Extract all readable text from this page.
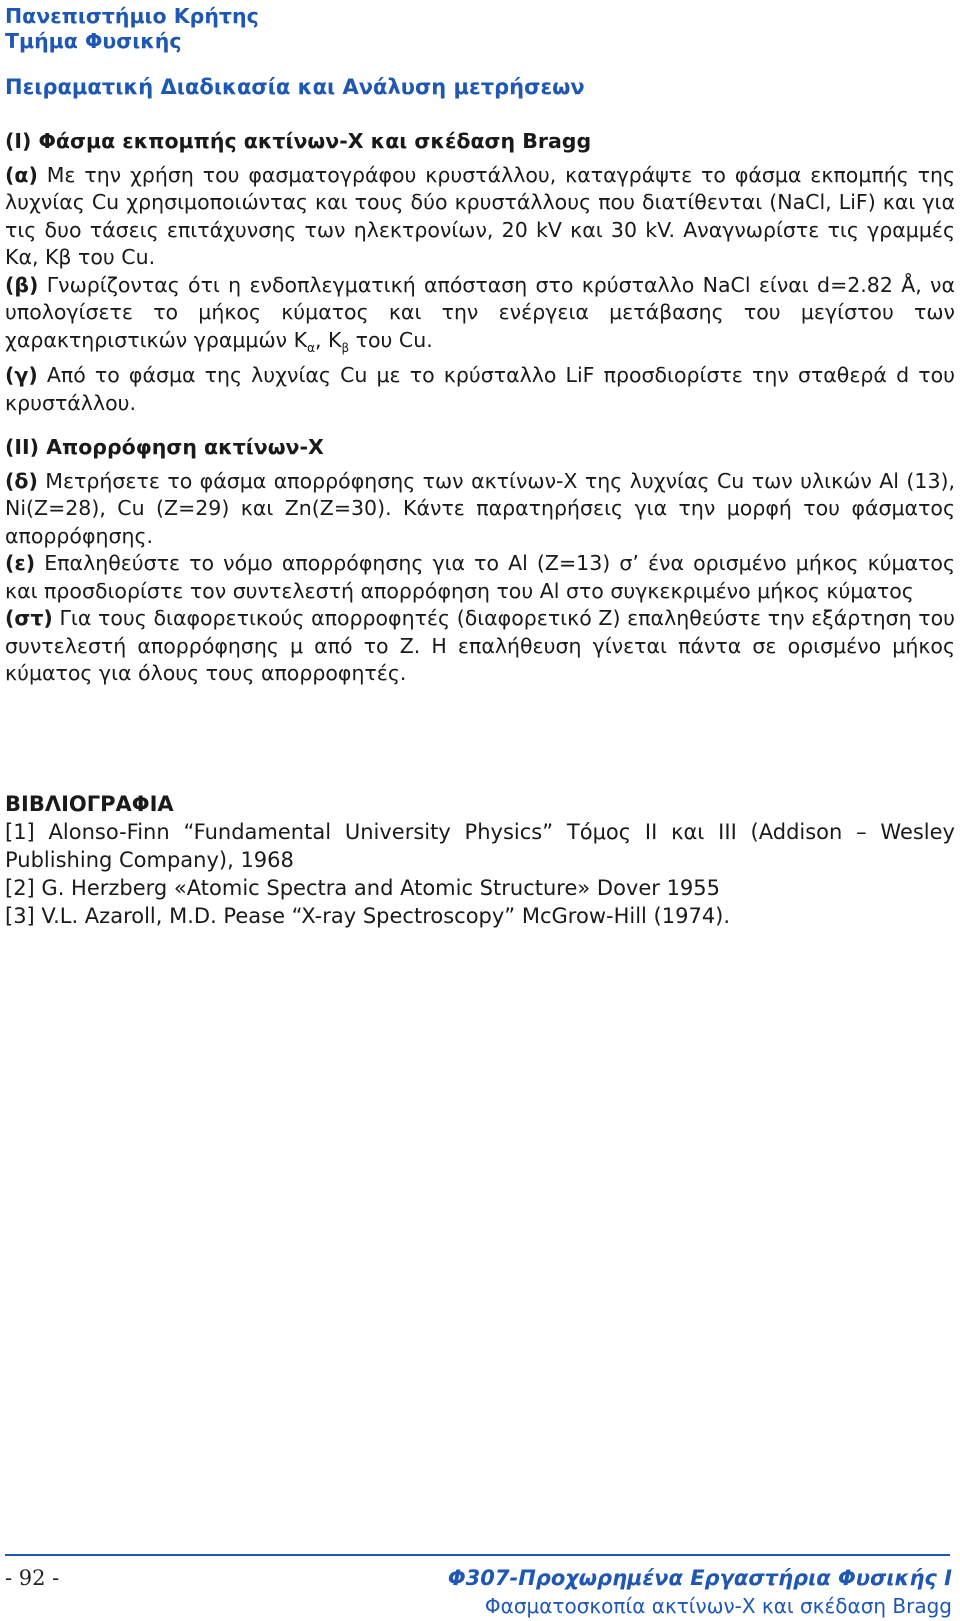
Πανεπιστήμιο Κρήτης
Τμήμα Φυσικής
Πειραματική Διαδικασία και Ανάλυση μετρήσεων

(Ι) Φάσμα εκπομπής ακτίνων-Χ και σκέδαση Bragg

(α) Με την χρήση του φασματογράφου κρυστάλλου, καταγράψτε το φάσμα εκπομπής της λυχνίας Cu χρησιμοποιώντας και τους δύο κρυστάλλους που διατίθενται (NaCl, LiF) και για τις δυο τάσεις επιτάχυνσης των ηλεκτρονίων, 20 kV και 30 kV. Αναγνωρίστε τις γραμμές Κα, Κβ του Cu.

(β) Γνωρίζοντας ότι η ενδοπλεγματική απόσταση στο κρύσταλλο NaCl είναι d=2.82 Å, να υπολογίσετε το μήκος κύματος και την ενέργεια μετάβασης του μεγίστου των χαρακτηριστικών γραμμών $K_\alpha$, $K_\beta$ του Cu.

(γ) Από το φάσμα της λυχνίας Cu με το κρύσταλλο LiF προσδιορίστε την σταθερά d του κρυστάλλου.

(ΙΙ) Απορρόφηση ακτίνων-Χ

(δ) Μετρήσετε το φάσμα απορρόφησης των ακτίνων-Χ της λυχνίας Cu των υλικών Al (13), Ni(Z=28), Cu (Z=29) και Zn(Z=30). Κάντε παρατηρήσεις για την μορφή του φάσματος απορρόφησης.

(ε) Επαληθεύστε το νόμο απορρόφησης για το Al (Z=13) σ’ ένα ορισμένο μήκος κύματος και προσδιορίστε τον συντελεστή απορρόφηση του Al στο συγκεκριμένο μήκος κύματος

(στ) Για τους διαφορετικούς απορροφητές (διαφορετικό Ζ) επαληθεύστε την εξάρτηση του συντελεστή απορρόφησης μ από το Ζ. Η επαλήθευση γίνεται πάντα σε ορισμένο μήκος κύματος για όλους τους απορροφητές.

ΒΙΒΛΙΟΓΡΑΦΙΑ

[1] Alonso-Finn “Fundamental University Physics” Τόμος ΙΙ και ΙΙΙ (Addison – Wesley Publishing Company), 1968

[2] G. Herzberg «Atomic Spectra and Atomic Structure» Dover 1955

[3] V.L. Azaroll, M.D. Pease “X-ray Spectroscopy” McGrow-Hill (1974).

- 92 -	Φ307-Προχωρημένα Εργαστήρια Φυσικής Ι
Φασματοσκοπία ακτίνων-Χ και σκέδαση Bragg
